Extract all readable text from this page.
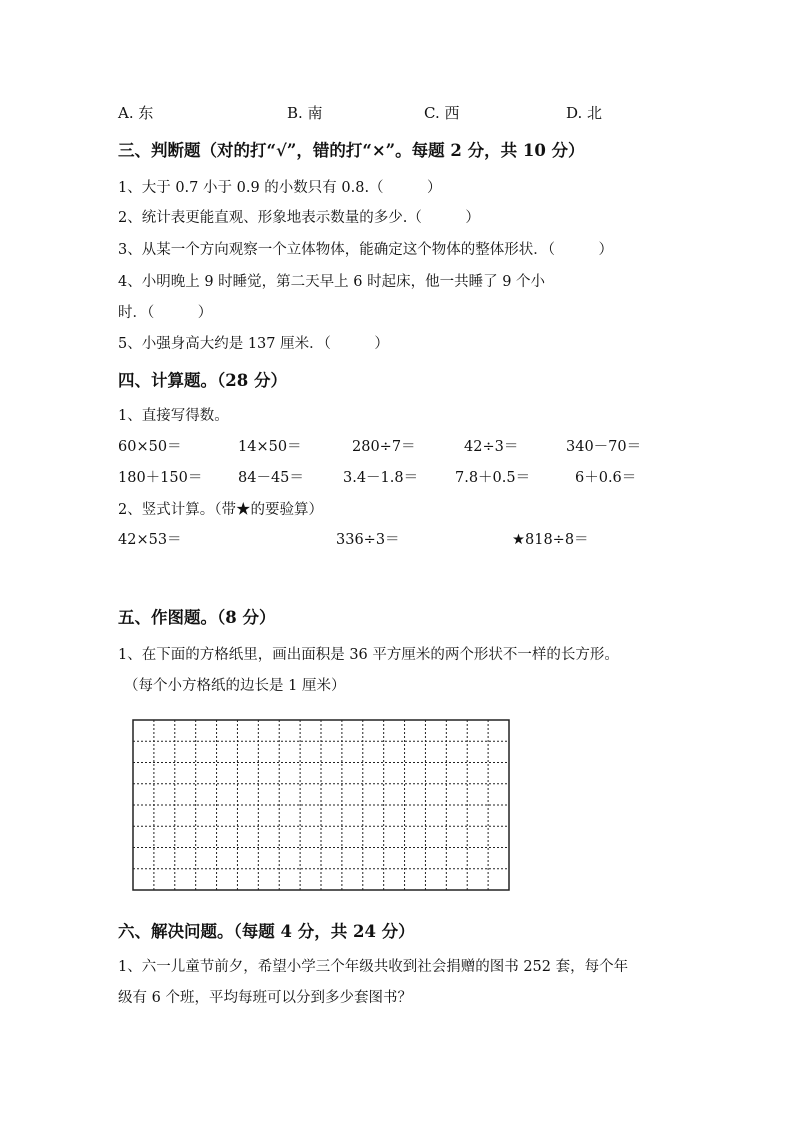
A. 东	B. 南	C. 西	D. 北
三、判断题（对的打“√”，错的打“×”。每题 2 分，共 10 分）
1、大于 0.7 小于 0.9 的小数只有 0.8.（　　　）
2、统计表更能直观、形象地表示数量的多少.（　　　）
3、从某一个方向观察一个立体物体，能确定这个物体的整体形状．（　　　）
4、小明晚上 9 时睡觉，第二天早上 6 时起床，他一共睡了 9 个小
时．（　　　）
5、小强身高大约是 137 厘米．（　　　）
四、计算题。（28 分）
1、直接写得数。
60×50＝	14×50＝	280÷7＝	42÷3＝	340－70＝
180＋150＝ 84－45＝	3.4－1.8＝	7.8＋0.5＝	6＋0.6＝
2、竖式计算。（带★的要验算）
42×53＝	336÷3＝	★818÷8＝
五、作图题。（8 分）
1、在下面的方格纸里，画出面积是 36 平方厘米的两个形状不一样的长方形。
（每个小方格纸的边长是 1 厘米）
六、解决问题。（每题 4 分，共 24 分）
1、六一儿童节前夕，希望小学三个年级共收到社会捐赠的图书 252 套，每个年
级有 6 个班，平均每班可以分到多少套图书？
